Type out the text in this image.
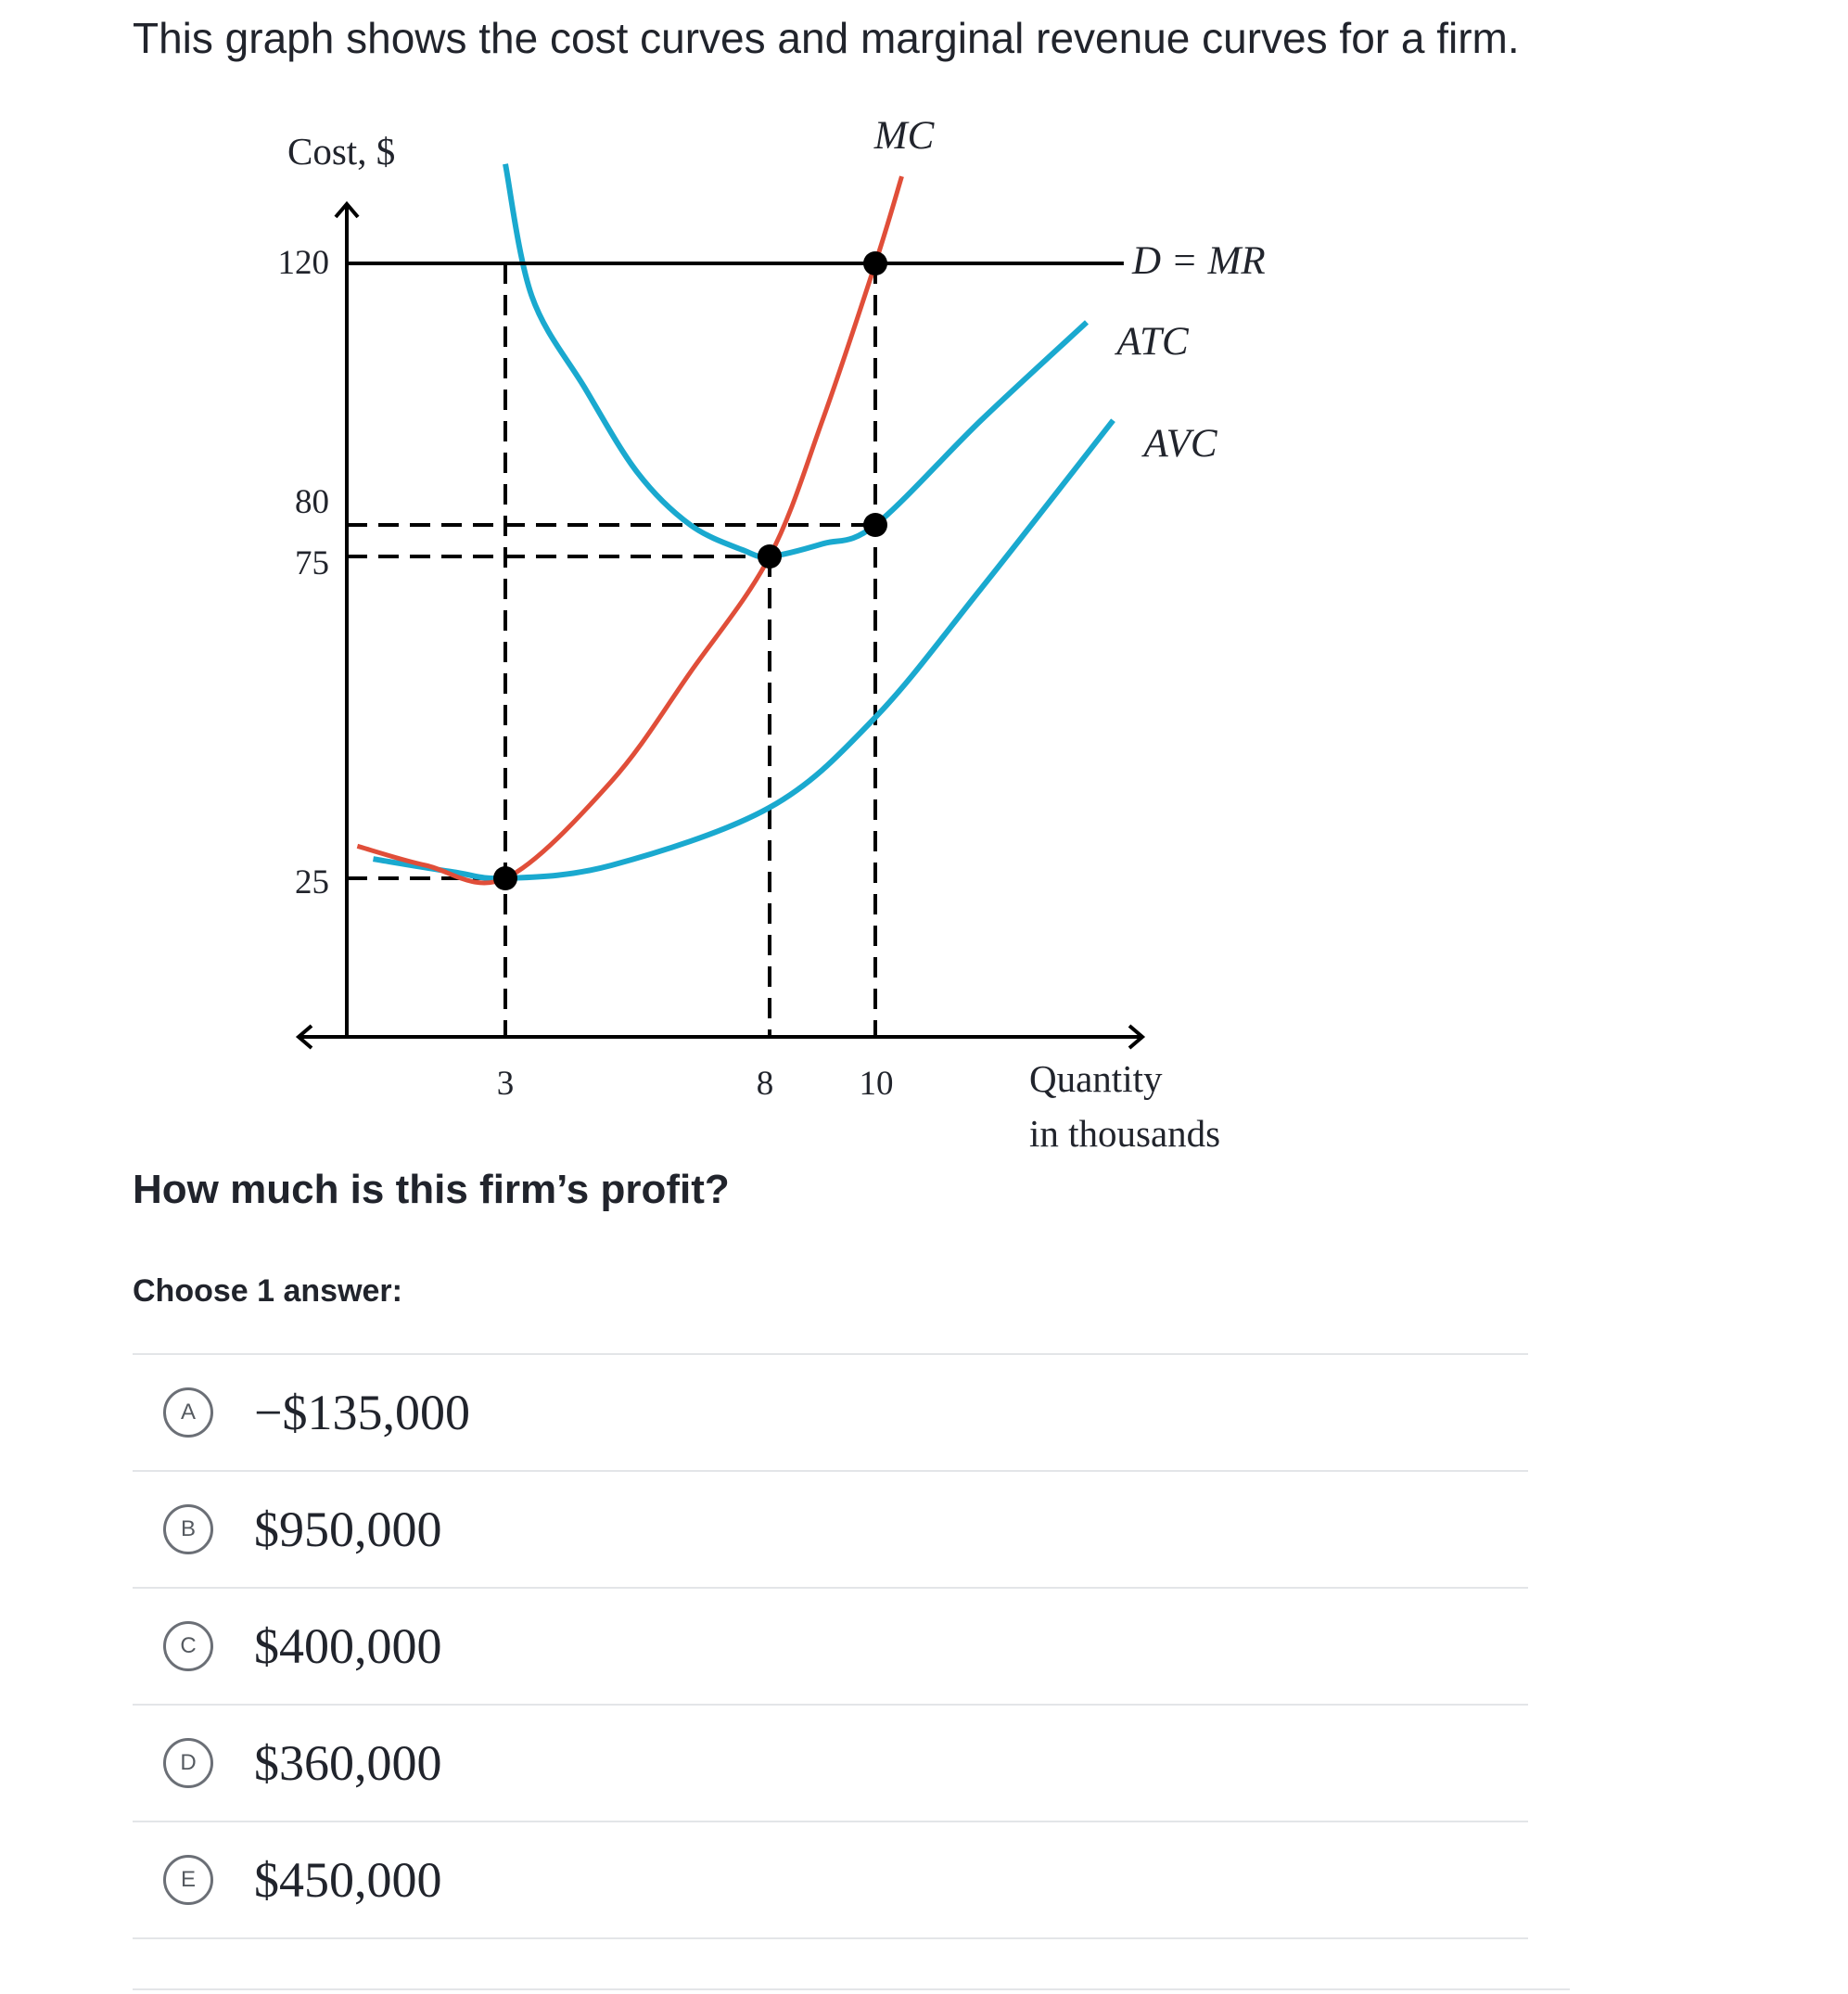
This graph shows the cost curves and marginal revenue curves for a firm.

Cost, $
Quantity
in thousands
120
80
75
25
3	8 10
MC
ATC
AVC
D = MR

How much is this firm’s profit?

Choose 1 answer:

A	−$135,000
B	$950,000
C	$400,000
D	$360,000
E	$450,000
